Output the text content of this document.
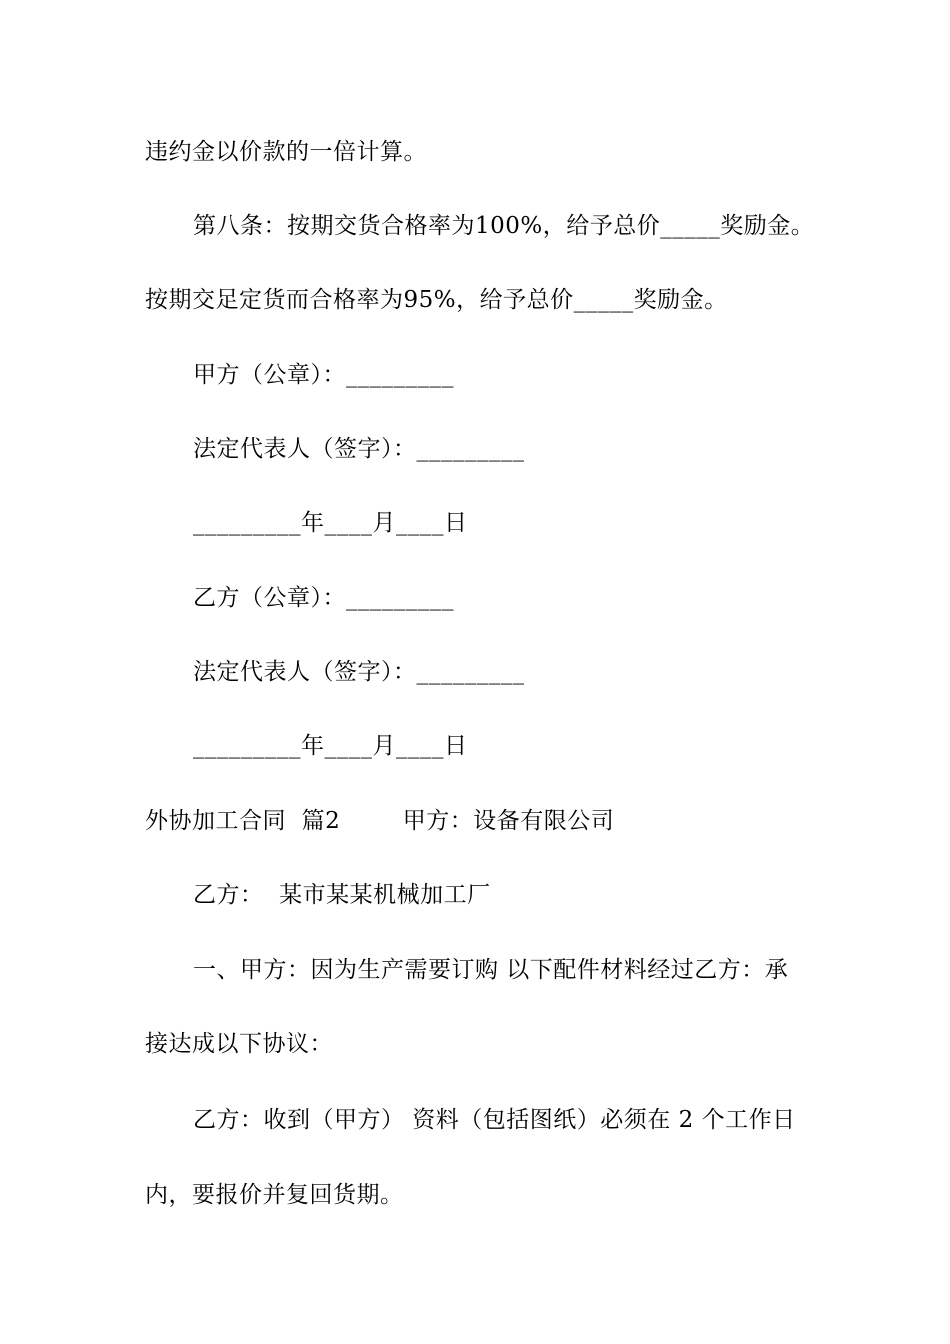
违约金以价款的一倍计算。
第八条：按期交货合格率为100%，给予总价_____奖励金。
按期交足定货而合格率为95%，给予总价_____奖励金。
甲方（公章）：_________
法定代表人（签字）：_________
_________年____月____日
乙方（公章）：_________
法定代表人（签字）：_________
_________年____月____日
外协加工合同  篇2        甲方：设备有限公司
乙方：  某市某某机械加工厂
一、甲方：因为生产需要订购 以下配件材料经过乙方：承
接达成以下协议：
乙方：收到（甲方） 资料（包括图纸）必须在 2 个工作日
内，要报价并复回货期。
